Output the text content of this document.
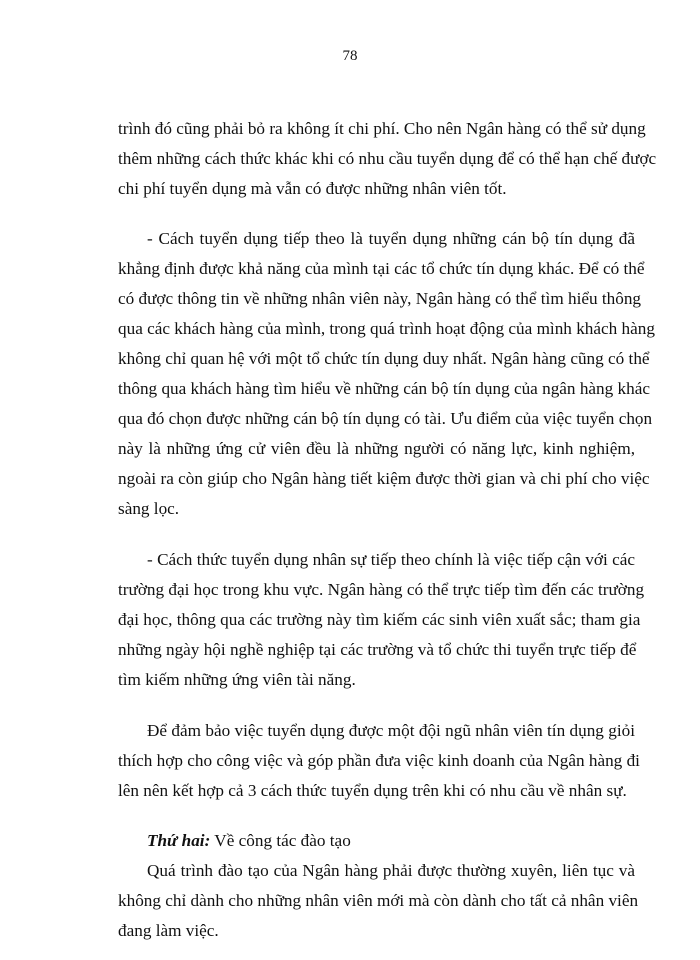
78
trình đó cũng phải bỏ ra không ít chi phí. Cho nên Ngân hàng có thể sử dụng
thêm những cách thức khác khi có nhu cầu tuyển dụng để có thể hạn chế được
chi phí tuyển dụng mà vẫn có được những nhân viên tốt.
- Cách tuyển dụng tiếp theo là tuyển dụng những cán bộ tín dụng đã
khẳng định được khả năng của mình tại các tổ chức tín dụng khác. Để có thể
có được thông tin về những nhân viên này, Ngân hàng có thể tìm hiểu thông
qua các khách hàng của mình, trong quá trình hoạt động của mình khách hàng
không chỉ quan hệ với một tổ chức tín dụng duy nhất. Ngân hàng cũng có thể
thông qua khách hàng tìm hiểu về những cán bộ tín dụng của ngân hàng khác
qua đó chọn được những cán bộ tín dụng có tài. Ưu điểm của việc tuyển chọn
này là những ứng cử viên đều là những người có năng lực, kinh nghiệm,
ngoài ra còn giúp cho Ngân hàng tiết kiệm được thời gian và chi phí cho việc
sàng lọc.
- Cách thức tuyển dụng nhân sự tiếp theo chính là việc tiếp cận với các
trường đại học trong khu vực. Ngân hàng có thể trực tiếp tìm đến các trường
đại học, thông qua các trường này tìm kiếm các sinh viên xuất sắc; tham gia
những ngày hội nghề nghiệp tại các trường và tổ chức thi tuyển trực tiếp để
tìm kiếm những ứng viên tài năng.
Để đảm bảo việc tuyển dụng được một đội ngũ nhân viên tín dụng giỏi
thích hợp cho công việc và góp phần đưa việc kinh doanh của Ngân hàng đi
lên nên kết hợp cả 3 cách thức tuyển dụng trên khi có nhu cầu về nhân sự.
Thứ hai: Về công tác đào tạo
Quá trình đào tạo của Ngân hàng phải được thường xuyên, liên tục và
không chỉ dành cho những nhân viên mới mà còn dành cho tất cả nhân viên
đang làm việc.
